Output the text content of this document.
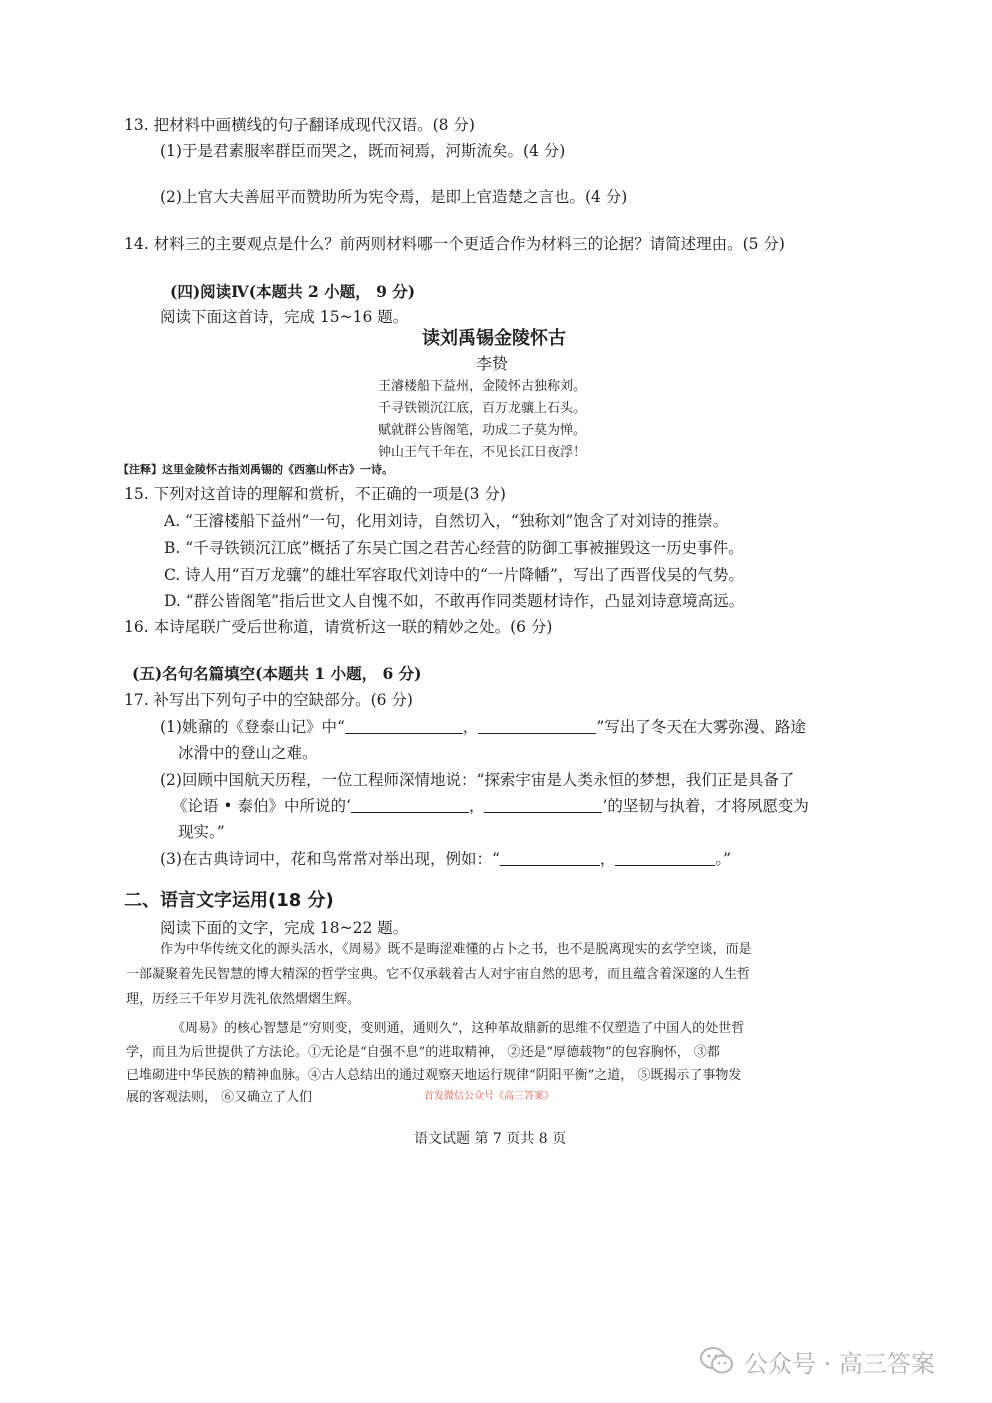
13. 把材料中画横线的句子翻译成现代汉语。(8 分)
(1)于是君素服率群臣而哭之，既而祠焉，河斯流矣。(4 分)
(2)上官大夫善屈平而赞助所为宪令焉，是即上官造楚之言也。(4 分)
14. 材料三的主要观点是什么？前两则材料哪一个更适合作为材料三的论据？请简述理由。(5 分)
(四)阅读Ⅳ(本题共 2 小题， 9 分)
阅读下面这首诗，完成 15~16 题。
读刘禹锡金陵怀古
李贽
王濬楼船下益州，金陵怀古独称刘。
千寻铁锁沉江底，百万龙骧上石头。
赋就群公皆阁笔，功成二子莫为惮。
钟山王气千年在，不见长江日夜浮！
【注释】这里金陵怀古指刘禹锡的《西塞山怀古》一诗。
15. 下列对这首诗的理解和赏析，不正确的一项是(3 分)
A. “王濬楼船下益州”一句，化用刘诗，自然切入，“独称刘”饱含了对刘诗的推崇。
B. “千寻铁锁沉江底”概括了东吴亡国之君苦心经营的防御工事被摧毁这一历史事件。
C. 诗人用“百万龙骧”的雄壮军容取代刘诗中的“一片降幡”，写出了西晋伐吴的气势。
D. “群公皆阁笔”指后世文人自愧不如，不敢再作同类题材诗作，凸显刘诗意境高远。
16. 本诗尾联广受后世称道，请赏析这一联的精妙之处。(6 分)
(五)名句名篇填空(本题共 1 小题， 6 分)
17. 补写出下列句子中的空缺部分。(6 分)
(1)姚鼐的《登泰山记》中“	，	”写出了冬天在大雾弥漫、路途
冰滑中的登山之难。
(2)回顾中国航天历程，一位工程师深情地说：“探索宇宙是人类永恒的梦想，我们正是具备了
《论语 • 泰伯》中所说的‘	，	’的坚韧与执着，才将夙愿变为
现实。”
(3)在古典诗词中，花和鸟常常对举出现，例如：“	，	。”
二、语言文字运用(18 分)
阅读下面的文字，完成 18~22 题。
作为中华传统文化的源头活水，《周易》既不是晦涩难懂的占卜之书，也不是脱离现实的玄学空谈，而是
一部凝聚着先民智慧的博大精深的哲学宝典。它不仅承载着古人对宇宙自然的思考，而且蕴含着深邃的人生哲
理，历经三千年岁月洗礼依然熠熠生辉。
《周易》的核心智慧是“穷则变，变则通，通则久”，这种革故鼎新的思维不仅塑造了中国人的处世哲
学，而且为后世提供了方法论。①无论是“自强不息”的进取精神， ②还是“厚德载物”的包容胸怀， ③都
已堆砌进中华民族的精神血脉。④古人总结出的通过观察天地运行规律“阴阳平衡”之道， ⑤既揭示了事物发
展的客观法则， ⑥又确立了人们	首发微信公众号《高三答案》
语文试题 第 7 页共 8 页
公众号 · 高三答案
